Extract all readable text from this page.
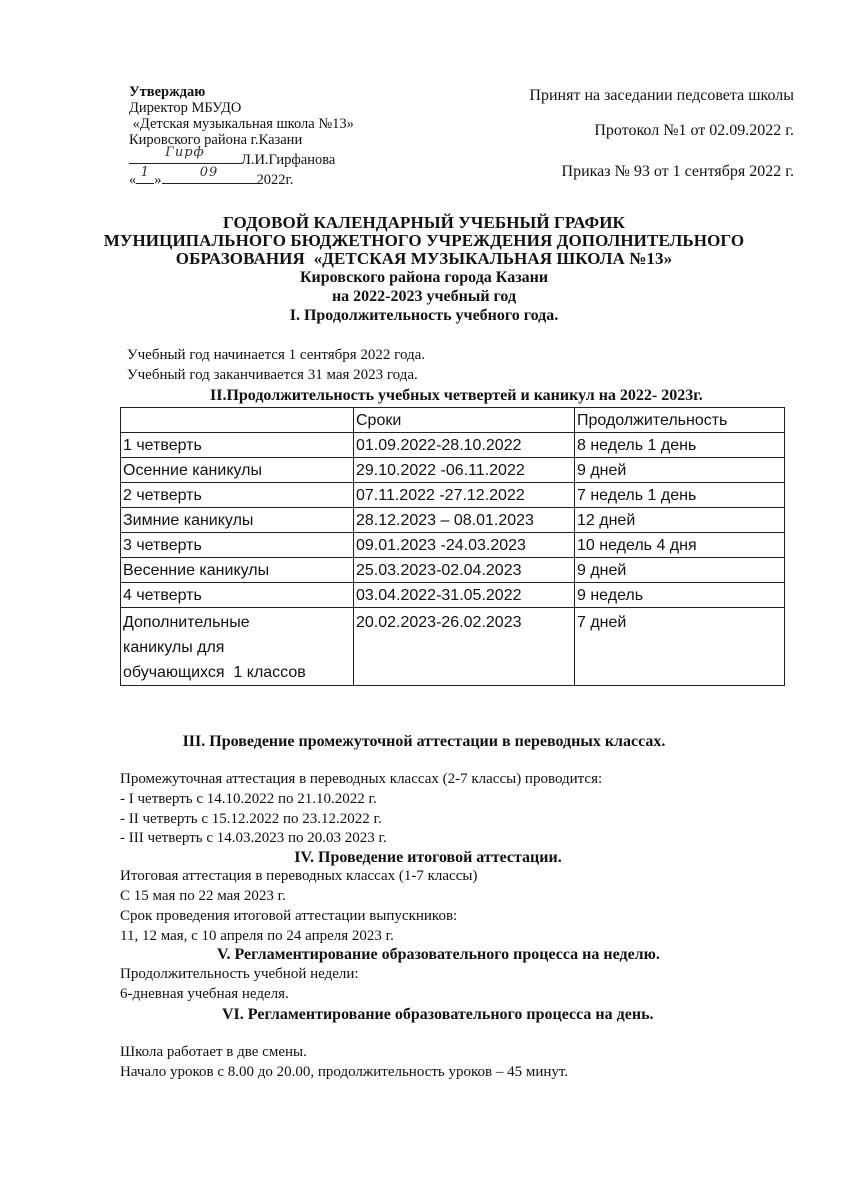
Утверждаю
Директор МБУДО
«Детская музыкальная школа №13»
Кировского района г.Казани
Гирф	Л.И.Гирфанова
« 1 »	09	2022г.
Принят на заседании педсовета школы
Протокол №1 от 02.09.2022 г.
Приказ № 93 от 1 сентября 2022 г.
ГОДОВОЙ КАЛЕНДАРНЫЙ УЧЕБНЫЙ ГРАФИК
МУНИЦИПАЛЬНОГО БЮДЖЕТНОГО УЧРЕЖДЕНИЯ ДОПОЛНИТЕЛЬНОГО
ОБРАЗОВАНИЯ  «ДЕТСКАЯ МУЗЫКАЛЬНАЯ ШКОЛА №13»
Кировского района города Казани
на 2022-2023 учебный год
I. Продолжительность учебного года.
Учебный год начинается 1 сентября 2022 года.
Учебный год заканчивается 31 мая 2023 года.
II.Продолжительность учебных четвертей и каникул на 2022- 2023г.
	Сроки	Продолжительность
1 четверть	01.09.2022-28.10.2022	8 недель 1 день
Осенние каникулы	29.10.2022 -06.11.2022	9 дней
2 четверть	07.11.2022 -27.12.2022	7 недель 1 день
Зимние каникулы	28.12.2023 – 08.01.2023	12 дней
3 четверть	09.01.2023 -24.03.2023	10 недель 4 дня
Весенние каникулы	25.03.2023-02.04.2023	9 дней
4 четверть	03.04.2022-31.05.2022	9 недель

Дополнительные
каникулы для
обучающихся  1 классов	20.02.2023-26.02.2023	7 дней
III. Проведение промежуточной аттестации в переводных классах.
Промежуточная аттестация в переводных классах (2-7 классы) проводится:
- I четверть с 14.10.2022 по 21.10.2022 г.
- II четверть с 15.12.2022 по 23.12.2022 г.
- III четверть с 14.03.2023 по 20.03 2023 г.
IV. Проведение итоговой аттестации.
Итоговая аттестация в переводных классах (1-7 классы)
С 15 мая по 22 мая 2023 г.
Срок проведения итоговой аттестации выпускников:
11, 12 мая, с 10 апреля по 24 апреля 2023 г.
V. Регламентирование образовательного процесса на неделю.
Продолжительность учебной недели:
6-дневная учебная неделя.
VI. Регламентирование образовательного процесса на день.
Школа работает в две смены.
Начало уроков с 8.00 до 20.00, продолжительность уроков – 45 минут.
